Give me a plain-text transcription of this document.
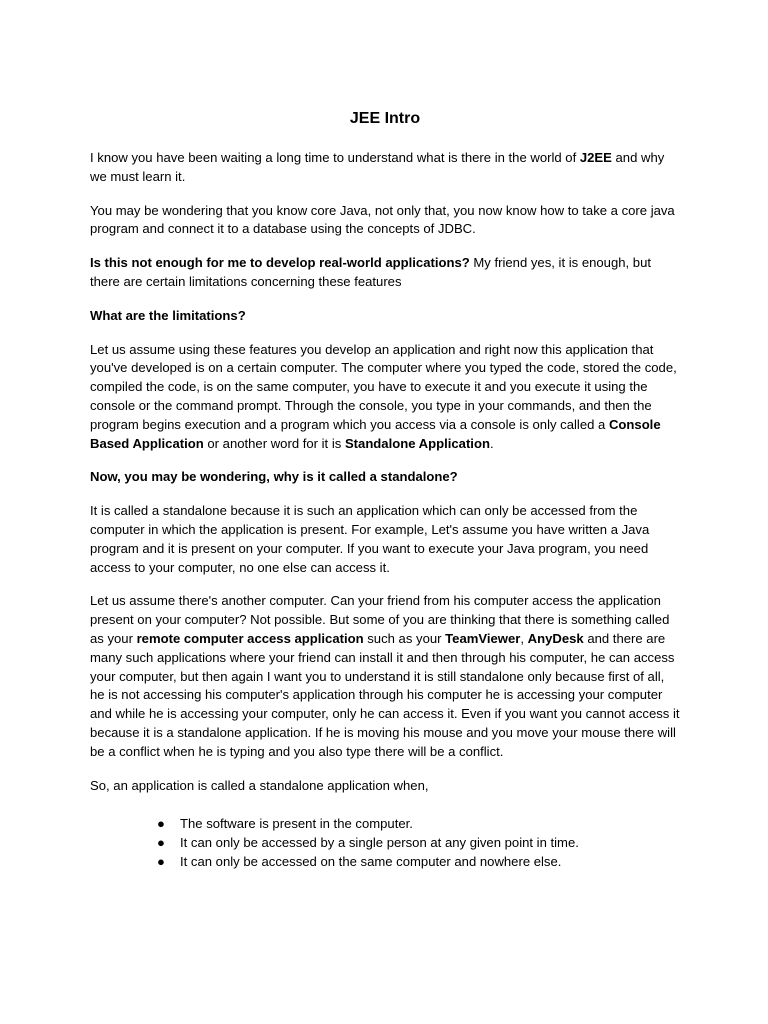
JEE Intro

I know you have been waiting a long time to understand what is there in the world of J2EE and why we must learn it.

You may be wondering that you know core Java, not only that, you now know how to take a core java program and connect it to a database using the concepts of JDBC.

Is this not enough for me to develop real-world applications? My friend yes, it is enough, but there are certain limitations concerning these features

What are the limitations?

Let us assume using these features you develop an application and right now this application that you've developed is on a certain computer. The computer where you typed the code, stored the code, compiled the code, is on the same computer, you have to execute it and you execute it using the console or the command prompt. Through the console, you type in your commands, and then the program begins execution and a program which you access via a console is only called a Console Based Application or another word for it is Standalone Application.

Now, you may be wondering, why is it called a standalone?

It is called a standalone because it is such an application which can only be accessed from the computer in which the application is present. For example, Let's assume you have written a Java program and it is present on your computer. If you want to execute your Java program, you need access to your computer, no one else can access it.

Let us assume there's another computer. Can your friend from his computer access the application present on your computer? Not possible. But some of you are thinking that there is something called as your remote computer access application such as your TeamViewer, AnyDesk and there are many such applications where your friend can install it and then through his computer, he can access your computer, but then again I want you to understand it is still standalone only because first of all, he is not accessing his computer's application through his computer he is accessing your computer and while he is accessing your computer, only he can access it. Even if you want you cannot access it because it is a standalone application. If he is moving his mouse and you move your mouse there will be a conflict when he is typing and you also type there will be a conflict.

So, an application is called a standalone application when,

● The software is present in the computer.
● It can only be accessed by a single person at any given point in time.
● It can only be accessed on the same computer and nowhere else.
